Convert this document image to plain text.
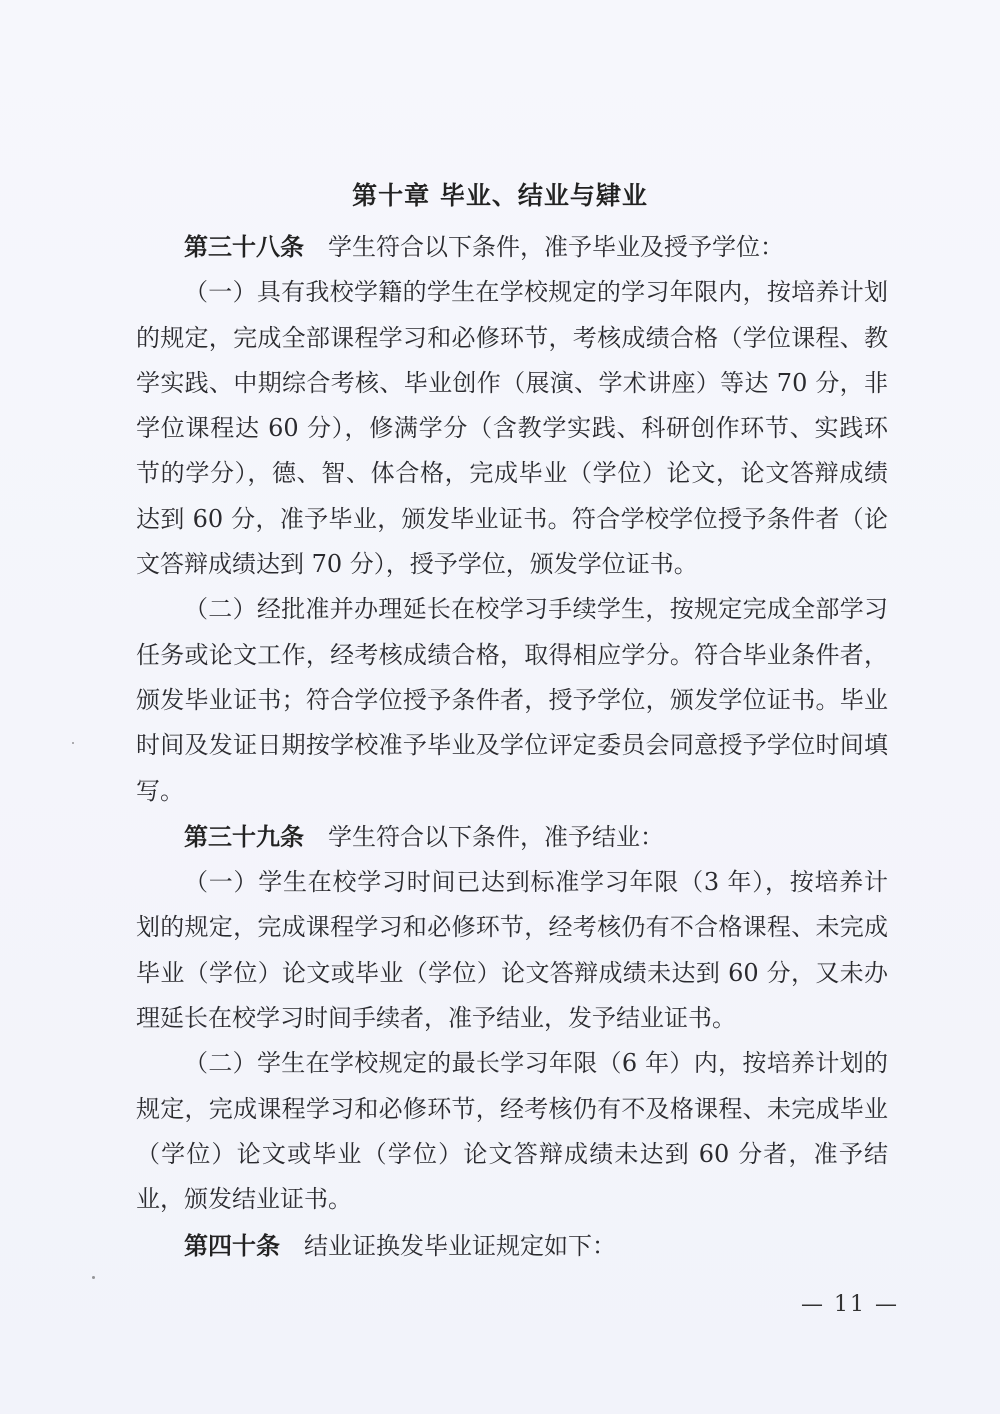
第十章 毕业、结业与肄业

第三十八条 学生符合以下条件，准予毕业及授予学位：

（一）具有我校学籍的学生在学校规定的学习年限内，按培养计划的规定，完成全部课程学习和必修环节，考核成绩合格（学位课程、教学实践、中期综合考核、毕业创作（展演、学术讲座）等达 70 分，非学位课程达 60 分），修满学分（含教学实践、科研创作环节、实践环节的学分），德、智、体合格，完成毕业（学位）论文，论文答辩成绩达到 60 分，准予毕业，颁发毕业证书。符合学校学位授予条件者（论文答辩成绩达到 70 分），授予学位，颁发学位证书。

（二）经批准并办理延长在校学习手续学生，按规定完成全部学习任务或论文工作，经考核成绩合格，取得相应学分。符合毕业条件者，颁发毕业证书；符合学位授予条件者，授予学位，颁发学位证书。毕业时间及发证日期按学校准予毕业及学位评定委员会同意授予学位时间填写。

第三十九条 学生符合以下条件，准予结业：

（一）学生在校学习时间已达到标准学习年限（3 年），按培养计划的规定，完成课程学习和必修环节，经考核仍有不合格课程、未完成毕业（学位）论文或毕业（学位）论文答辩成绩未达到 60 分，又未办理延长在校学习时间手续者，准予结业，发予结业证书。

（二）学生在学校规定的最长学习年限（6 年）内，按培养计划的规定，完成课程学习和必修环节，经考核仍有不及格课程、未完成毕业（学位）论文或毕业（学位）论文答辩成绩未达到 60 分者，准予结业，颁发结业证书。

第四十条 结业证换发毕业证规定如下：

— 11 —
